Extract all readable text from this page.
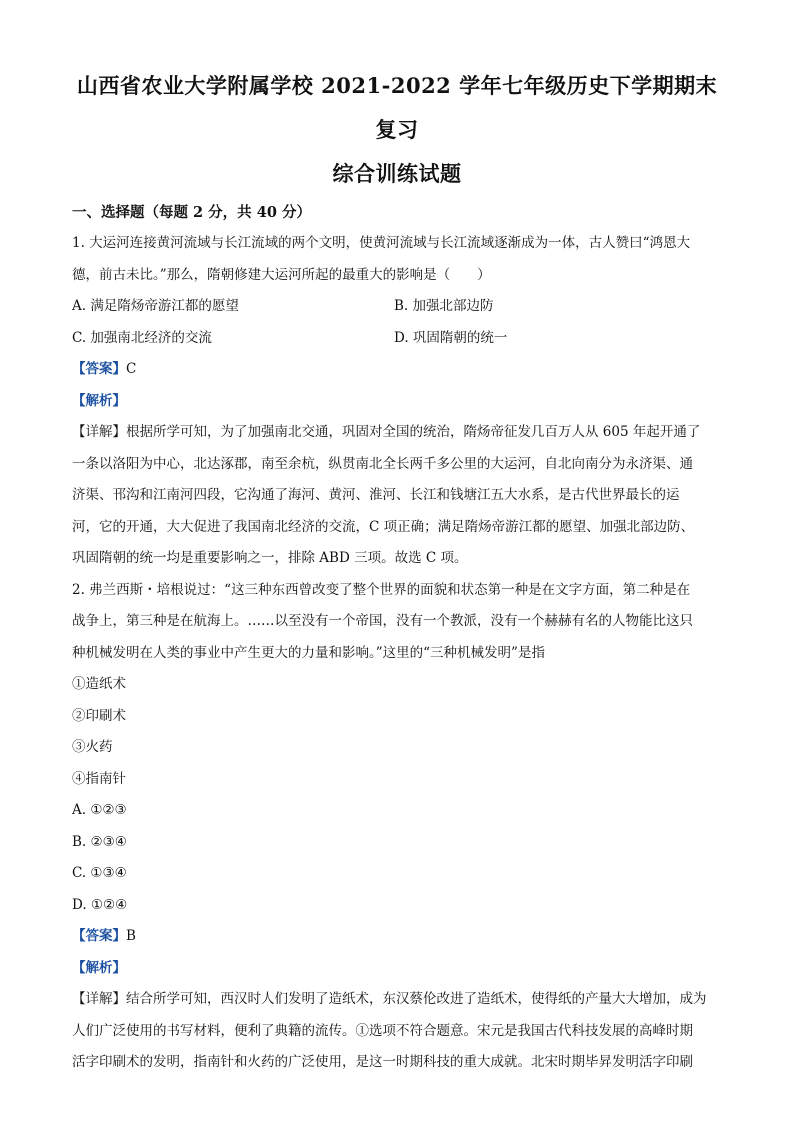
山西省农业大学附属学校 2021-2022 学年七年级历史下学期期末复习
综合训练试题
一、选择题（每题 2 分，共 40 分）

1. 大运河连接黄河流域与长江流域的两个文明，使黄河流域与长江流域逐渐成为一体，古人赞曰“鸿恩大

德，前古未比。”那么，隋朝修建大运河所起的最重大的影响是（　　）

A. 满足隋炀帝游江都的愿望	B. 加强北部边防
C. 加强南北经济的交流	D. 巩固隋朝的统一

【答案】C

【解析】

【详解】根据所学可知，为了加强南北交通，巩固对全国的统治，隋炀帝征发几百万人从 605 年起开通了

一条以洛阳为中心，北达涿郡，南至余杭，纵贯南北全长两千多公里的大运河，自北向南分为永济渠、通

济渠、邗沟和江南河四段，它沟通了海河、黄河、淮河、长江和钱塘江五大水系，是古代世界最长的运

河，它的开通，大大促进了我国南北经济的交流，C 项正确；满足隋炀帝游江都的愿望、加强北部边防、

巩固隋朝的统一均是重要影响之一，排除 ABD 三项。故选 C 项。

2. 弗兰西斯・培根说过：“这三种东西曾改变了整个世界的面貌和状态第一种是在文字方面，第二种是在

战争上，第三种是在航海上。……以至没有一个帝国，没有一个教派，没有一个赫赫有名的人物能比这只

种机械发明在人类的事业中产生更大的力量和影响。”这里的“三种机械发明”是指

①造纸术

②印刷术

③火药

④指南针

A. ①②③

B. ②③④

C. ①③④

D. ①②④

【答案】B

【解析】

【详解】结合所学可知，西汉时人们发明了造纸术，东汉蔡伦改进了造纸术，使得纸的产量大大增加，成为

人们广泛使用的书写材料，便利了典籍的流传。①选项不符合题意。宋元是我国古代科技发展的高峰时期

活字印刷术的发明，指南针和火药的广泛使用，是这一时期科技的重大成就。北宋时期毕昇发明活字印刷
